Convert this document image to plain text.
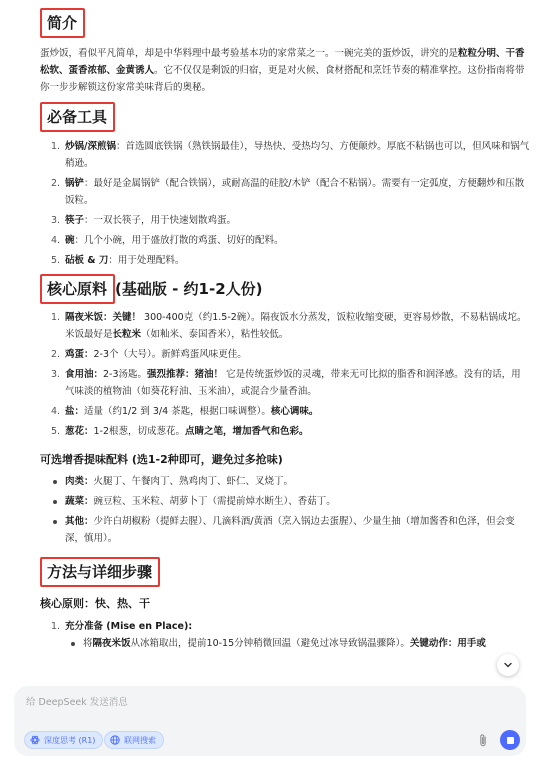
简介

蛋炒饭，看似平凡简单，却是中华料理中最考验基本功的家常菜之一。一碗完美的蛋炒饭，讲究的是粒粒分明、干香松软、蛋香浓郁、金黄诱人。它不仅仅是剩饭的归宿，更是对火候、食材搭配和烹饪节奏的精准掌控。这份指南将带你一步步解锁这份家常美味背后的奥秘。

必备工具
1. 炒锅/深煎锅：首选圆底铁锅（熟铁锅最佳），导热快、受热均匀、方便颠炒。厚底不粘锅也可以，但风味和锅气稍逊。
2. 锅铲：最好是金属锅铲（配合铁锅），或耐高温的硅胶/木铲（配合不粘锅）。需要有一定弧度，方便翻炒和压散饭粒。
3. 筷子：一双长筷子，用于快速划散鸡蛋。
4. 碗：几个小碗，用于盛放打散的鸡蛋、切好的配料。
5. 砧板 & 刀：用于处理配料。
核心原料 (基础版 - 约1-2人份)
1. 隔夜米饭：关键！ 300-400克（约1.5-2碗）。隔夜饭水分蒸发，饭粒收缩变硬，更容易炒散，不易粘锅成坨。米饭最好是长粒米（如籼米、泰国香米），粘性较低。
2. 鸡蛋：2-3个（大号）。新鲜鸡蛋风味更佳。
3. 食用油：2-3汤匙。强烈推荐：猪油！ 它是传统蛋炒饭的灵魂，带来无可比拟的脂香和润泽感。没有的话，用气味淡的植物油（如葵花籽油、玉米油），或混合少量香油。
4. 盐：适量（约1/2 到 3/4 茶匙，根据口味调整）。核心调味。
5. 葱花：1-2根葱，切成葱花。点睛之笔，增加香气和色彩。
可选增香提味配料 (选1-2种即可，避免过多抢味)
肉类：火腿丁、午餐肉丁、熟鸡肉丁、虾仁、叉烧丁。
蔬菜：豌豆粒、玉米粒、胡萝卜丁（需提前焯水断生）、香菇丁。
其他：少许白胡椒粉（提鲜去腥）、几滴料酒/黄酒（烹入锅边去蛋腥）、少量生抽（增加酱香和色泽，但会变深，慎用）。
方法与详细步骤
核心原则：快、热、干
1. 充分准备 (Mise en Place):
将隔夜米饭从冰箱取出，提前10-15分钟稍微回温（避免过冰导致锅温骤降）。关键动作：用手或
给 DeepSeek 发送消息
深度思考 (R1)	联网搜索
